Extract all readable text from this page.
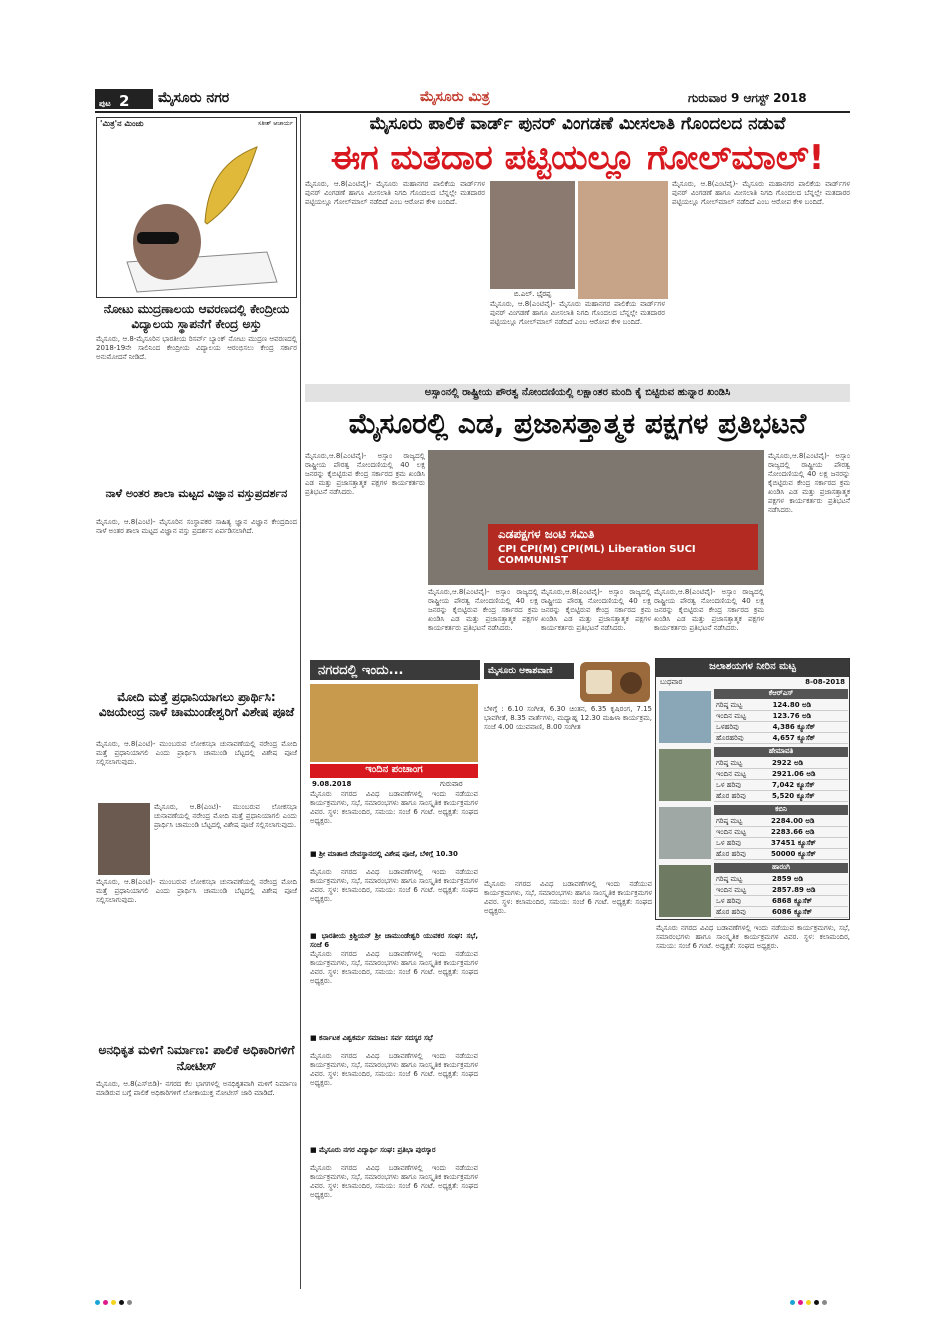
ಪುಟ 2	ಮೈಸೂರು ನಗರ	ಮೈಸೂರು ಮಿತ್ರ	ಗುರುವಾರ 9 ಆಗಸ್ಟ್ 2018
'ಮಿತ್ರ'ನ ಮಿಂಚು	ಸತೀಶ್ ಆಚಾರ್ಯ	ಮೈಸೂರು ಪಾಲಿಕೆ ವಾರ್ಡ್ ಪುನರ್ ವಿಂಗಡಣೆ ಮೀಸಲಾತಿ ಗೊಂದಲದ ನಡುವೆ
ಈಗ ಮತದಾರ ಪಟ್ಟಿಯಲ್ಲೂ ಗೋಲ್‌ಮಾಲ್!
ಮೈಸೂರು, ಆ.8(ಎಂಟಿವೈ)- ಮೈಸೂರು ಮಹಾನಗರ ಪಾಲಿಕೆಯ ವಾರ್ಡ್‌ಗಳ ಪುನರ್ ವಿಂಗಡಣೆ ಹಾಗೂ ಮೀಸಲಾತಿ ನಿಗದಿ ಗೊಂದಲದ ಬೆನ್ನಲ್ಲೇ ಮತದಾರರ ಪಟ್ಟಿಯಲ್ಲೂ ಗೋಲ್‌ಮಾಲ್ ನಡೆದಿದೆ ಎಂಬ ಆರೋಪ ಕೇಳಿ ಬಂದಿದೆ.
ಬಿ.ಎಲ್. ಭೈರಪ್ಪ
ಮೈಸೂರು, ಆ.8(ಎಂಟಿವೈ)- ಮೈಸೂರು ಮಹಾನಗರ ಪಾಲಿಕೆಯ ವಾರ್ಡ್‌ಗಳ ಪುನರ್ ವಿಂಗಡಣೆ ಹಾಗೂ ಮೀಸಲಾತಿ ನಿಗದಿ ಗೊಂದಲದ ಬೆನ್ನಲ್ಲೇ ಮತದಾರರ ಪಟ್ಟಿಯಲ್ಲೂ ಗೋಲ್‌ಮಾಲ್ ನಡೆದಿದೆ ಎಂಬ ಆರೋಪ ಕೇಳಿ ಬಂದಿದೆ.
ಮೈಸೂರು, ಆ.8(ಎಂಟಿವೈ)- ಮೈಸೂರು ಮಹಾನಗರ ಪಾಲಿಕೆಯ ವಾರ್ಡ್‌ಗಳ ಪುನರ್ ವಿಂಗಡಣೆ ಹಾಗೂ ಮೀಸಲಾತಿ ನಿಗದಿ ಗೊಂದಲದ ಬೆನ್ನಲ್ಲೇ ಮತದಾರರ ಪಟ್ಟಿಯಲ್ಲೂ ಗೋಲ್‌ಮಾಲ್ ನಡೆದಿದೆ ಎಂಬ ಆರೋಪ ಕೇಳಿ ಬಂದಿದೆ.
ಅಸ್ಸಾಂನಲ್ಲಿ ರಾಷ್ಟ್ರೀಯ ಪೌರತ್ವ ನೋಂದಣಿಯಲ್ಲಿ ಲಕ್ಷಾಂತರ ಮಂದಿ ಕೈ ಬಿಟ್ಟಿರುವ ಹುನ್ನಾರ ಖಂಡಿಸಿ
ಮೈಸೂರಲ್ಲಿ ಎಡ, ಪ್ರಜಾಸತ್ತಾತ್ಮಕ ಪಕ್ಷಗಳ ಪ್ರತಿಭಟನೆ
ಮೈಸೂರು,ಆ.8(ಎಂಟಿವೈ)- ಅಸ್ಸಾಂ ರಾಜ್ಯದಲ್ಲಿ ರಾಷ್ಟ್ರೀಯ ಪೌರತ್ವ ನೋಂದಣಿಯಲ್ಲಿ 40 ಲಕ್ಷ ಜನರನ್ನು ಕೈಬಿಟ್ಟಿರುವ ಕೇಂದ್ರ ಸರ್ಕಾರದ ಕ್ರಮ ಖಂಡಿಸಿ ಎಡ ಮತ್ತು ಪ್ರಜಾಸತ್ತಾತ್ಮಕ ಪಕ್ಷಗಳ ಕಾರ್ಯಕರ್ತರು ಪ್ರತಿಭಟನೆ ನಡೆಸಿದರು.
ಎಡಪಕ್ಷಗಳ ಜಂಟಿ ಸಮಿತಿ
CPI CPI(M) CPI(ML) Liberation SUCI COMMUNIST
ಮೈಸೂರು,ಆ.8(ಎಂಟಿವೈ)- ಅಸ್ಸಾಂ ರಾಜ್ಯದಲ್ಲಿ ರಾಷ್ಟ್ರೀಯ ಪೌರತ್ವ ನೋಂದಣಿಯಲ್ಲಿ 40 ಲಕ್ಷ ಜನರನ್ನು ಕೈಬಿಟ್ಟಿರುವ ಕೇಂದ್ರ ಸರ್ಕಾರದ ಕ್ರಮ ಖಂಡಿಸಿ ಎಡ ಮತ್ತು ಪ್ರಜಾಸತ್ತಾತ್ಮಕ ಪಕ್ಷಗಳ ಕಾರ್ಯಕರ್ತರು ಪ್ರತಿಭಟನೆ ನಡೆಸಿದರು.
ಮೈಸೂರು,ಆ.8(ಎಂಟಿವೈ)- ಅಸ್ಸಾಂ ರಾಜ್ಯದಲ್ಲಿ ರಾಷ್ಟ್ರೀಯ ಪೌರತ್ವ ನೋಂದಣಿಯಲ್ಲಿ 40 ಲಕ್ಷ ಜನರನ್ನು ಕೈಬಿಟ್ಟಿರುವ ಕೇಂದ್ರ ಸರ್ಕಾರದ ಕ್ರಮ ಖಂಡಿಸಿ ಎಡ ಮತ್ತು ಪ್ರಜಾಸತ್ತಾತ್ಮಕ ಪಕ್ಷಗಳ ಕಾರ್ಯಕರ್ತರು ಪ್ರತಿಭಟನೆ ನಡೆಸಿದರು.
ಮೈಸೂರು,ಆ.8(ಎಂಟಿವೈ)- ಅಸ್ಸಾಂ ರಾಜ್ಯದಲ್ಲಿ ರಾಷ್ಟ್ರೀಯ ಪೌರತ್ವ ನೋಂದಣಿಯಲ್ಲಿ 40 ಲಕ್ಷ ಜನರನ್ನು ಕೈಬಿಟ್ಟಿರುವ ಕೇಂದ್ರ ಸರ್ಕಾರದ ಕ್ರಮ ಖಂಡಿಸಿ ಎಡ ಮತ್ತು ಪ್ರಜಾಸತ್ತಾತ್ಮಕ ಪಕ್ಷಗಳ ಕಾರ್ಯಕರ್ತರು ಪ್ರತಿಭಟನೆ ನಡೆಸಿದರು.
ಮೈಸೂರು,ಆ.8(ಎಂಟಿವೈ)- ಅಸ್ಸಾಂ ರಾಜ್ಯದಲ್ಲಿ ರಾಷ್ಟ್ರೀಯ ಪೌರತ್ವ ನೋಂದಣಿಯಲ್ಲಿ 40 ಲಕ್ಷ ಜನರನ್ನು ಕೈಬಿಟ್ಟಿರುವ ಕೇಂದ್ರ ಸರ್ಕಾರದ ಕ್ರಮ ಖಂಡಿಸಿ ಎಡ ಮತ್ತು ಪ್ರಜಾಸತ್ತಾತ್ಮಕ ಪಕ್ಷಗಳ ಕಾರ್ಯಕರ್ತರು ಪ್ರತಿಭಟನೆ ನಡೆಸಿದರು.
ನೋಟು ಮುದ್ರಣಾಲಯ ಆವರಣದಲ್ಲಿ ಕೇಂದ್ರೀಯ ವಿದ್ಯಾಲಯ ಸ್ಥಾಪನೆಗೆ ಕೇಂದ್ರ ಅಸ್ತು
ಮೈಸೂರು, ಆ.8-ಮೈಸೂರಿನ ಭಾರತೀಯ ರಿಸರ್ವ್ ಬ್ಯಾಂಕ್ ನೋಟು ಮುದ್ರಣ ಆವರಣದಲ್ಲಿ 2018-19ನೇ ಸಾಲಿನಿಂದ ಕೇಂದ್ರೀಯ ವಿದ್ಯಾಲಯ ಆರಂಭಿಸಲು ಕೇಂದ್ರ ಸರ್ಕಾರ ಅನುಮೋದನೆ ನೀಡಿದೆ.
ನಾಳೆ ಅಂತರ ಶಾಲಾ ಮಟ್ಟದ ವಿಜ್ಞಾನ ವಸ್ತುಪ್ರದರ್ಶನ
ಮೈಸೂರು, ಆ.8(ಎಂಟಿ)- ಮೈಸೂರಿನ ಸಂಸ್ಥಾಪಕರ ಸಾಹಿತ್ಯ ಜ್ಞಾನ ವಿಜ್ಞಾನ ಕೇಂದ್ರದಿಂದ ನಾಳೆ ಅಂತರ ಶಾಲಾ ಮಟ್ಟದ ವಿಜ್ಞಾನ ವಸ್ತು ಪ್ರದರ್ಶನ ಏರ್ಪಡಿಸಲಾಗಿದೆ.
ಮೋದಿ ಮತ್ತೆ ಪ್ರಧಾನಿಯಾಗಲು ಪ್ರಾರ್ಥಿಸಿ: ವಿಜಯೇಂದ್ರ ನಾಳೆ ಚಾಮುಂಡೇಶ್ವರಿಗೆ ವಿಶೇಷ ಪೂಜೆ
ಮೈಸೂರು, ಆ.8(ಎಂಟಿ)- ಮುಂಬರುವ ಲೋಕಸಭಾ ಚುನಾವಣೆಯಲ್ಲಿ ನರೇಂದ್ರ ಮೋದಿ ಮತ್ತೆ ಪ್ರಧಾನಿಯಾಗಲಿ ಎಂದು ಪ್ರಾರ್ಥಿಸಿ ಚಾಮುಂಡಿ ಬೆಟ್ಟದಲ್ಲಿ ವಿಶೇಷ ಪೂಜೆ ಸಲ್ಲಿಸಲಾಗುವುದು.
ಮೈಸೂರು, ಆ.8(ಎಂಟಿ)- ಮುಂಬರುವ ಲೋಕಸಭಾ ಚುನಾವಣೆಯಲ್ಲಿ ನರೇಂದ್ರ ಮೋದಿ ಮತ್ತೆ ಪ್ರಧಾನಿಯಾಗಲಿ ಎಂದು ಪ್ರಾರ್ಥಿಸಿ ಚಾಮುಂಡಿ ಬೆಟ್ಟದಲ್ಲಿ ವಿಶೇಷ ಪೂಜೆ ಸಲ್ಲಿಸಲಾಗುವುದು.
ಮೈಸೂರು, ಆ.8(ಎಂಟಿ)- ಮುಂಬರುವ ಲೋಕಸಭಾ ಚುನಾವಣೆಯಲ್ಲಿ ನರೇಂದ್ರ ಮೋದಿ ಮತ್ತೆ ಪ್ರಧಾನಿಯಾಗಲಿ ಎಂದು ಪ್ರಾರ್ಥಿಸಿ ಚಾಮುಂಡಿ ಬೆಟ್ಟದಲ್ಲಿ ವಿಶೇಷ ಪೂಜೆ ಸಲ್ಲಿಸಲಾಗುವುದು.
ಅನಧಿಕೃತ ಮಳಿಗೆ ನಿರ್ಮಾಣ: ಪಾಲಿಕೆ ಅಧಿಕಾರಿಗಳಿಗೆ ನೋಟೀಸ್
ಮೈಸೂರು, ಆ.8(ಎಸ್‌ಬಿಡಿ)- ನಗರದ ಕೆಲ ಭಾಗಗಳಲ್ಲಿ ಅನಧಿಕೃತವಾಗಿ ಮಳಿಗೆ ನಿರ್ಮಾಣ ಮಾಡಿರುವ ಬಗ್ಗೆ ಪಾಲಿಕೆ ಅಧಿಕಾರಿಗಳಿಗೆ ಲೋಕಾಯುಕ್ತ ನೋಟೀಸ್ ಜಾರಿ ಮಾಡಿದೆ.
ನಗರದಲ್ಲಿ ಇಂದು...
ಇಂದಿನ ಪಂಚಾಂಗ
9.08.2018	ಗುರುವಾರ
ಮೈಸೂರು ನಗರದ ವಿವಿಧ ಬಡಾವಣೆಗಳಲ್ಲಿ ಇಂದು ನಡೆಯುವ ಕಾರ್ಯಕ್ರಮಗಳು, ಸಭೆ, ಸಮಾರಂಭಗಳು ಹಾಗೂ ಸಾಂಸ್ಕೃತಿಕ ಕಾರ್ಯಕ್ರಮಗಳ ವಿವರ. ಸ್ಥಳ: ಕಲಾಮಂದಿರ, ಸಮಯ: ಸಂಜೆ 6 ಗಂಟೆ. ಅಧ್ಯಕ್ಷತೆ: ಸಂಘದ ಅಧ್ಯಕ್ಷರು.
■ ಶ್ರೀ ಮಾತಾಜಿ ದೇವಸ್ಥಾನದಲ್ಲಿ ವಿಶೇಷ ಪೂಜೆ, ಬೆಳಿಗ್ಗೆ 10.30
ಮೈಸೂರು ನಗರದ ವಿವಿಧ ಬಡಾವಣೆಗಳಲ್ಲಿ ಇಂದು ನಡೆಯುವ ಕಾರ್ಯಕ್ರಮಗಳು, ಸಭೆ, ಸಮಾರಂಭಗಳು ಹಾಗೂ ಸಾಂಸ್ಕೃತಿಕ ಕಾರ್ಯಕ್ರಮಗಳ ವಿವರ. ಸ್ಥಳ: ಕಲಾಮಂದಿರ, ಸಮಯ: ಸಂಜೆ 6 ಗಂಟೆ. ಅಧ್ಯಕ್ಷತೆ: ಸಂಘದ ಅಧ್ಯಕ್ಷರು.
■ ಭಾರತೀಯ ಕ್ರಿಶ್ಚಿಯನ್ ಶ್ರೀ ಚಾಮುಂಡೇಶ್ವರಿ ಯುವಕರ ಸಂಘ: ಸಭೆ, ಸಂಜೆ 6
ಮೈಸೂರು ನಗರದ ವಿವಿಧ ಬಡಾವಣೆಗಳಲ್ಲಿ ಇಂದು ನಡೆಯುವ ಕಾರ್ಯಕ್ರಮಗಳು, ಸಭೆ, ಸಮಾರಂಭಗಳು ಹಾಗೂ ಸಾಂಸ್ಕೃತಿಕ ಕಾರ್ಯಕ್ರಮಗಳ ವಿವರ. ಸ್ಥಳ: ಕಲಾಮಂದಿರ, ಸಮಯ: ಸಂಜೆ 6 ಗಂಟೆ. ಅಧ್ಯಕ್ಷತೆ: ಸಂಘದ ಅಧ್ಯಕ್ಷರು.
■ ಕರ್ನಾಟಕ ವಿಶ್ವಕರ್ಮ ಸಮಾಜ: ಸರ್ವ ಸದಸ್ಯರ ಸಭೆ
ಮೈಸೂರು ನಗರದ ವಿವಿಧ ಬಡಾವಣೆಗಳಲ್ಲಿ ಇಂದು ನಡೆಯುವ ಕಾರ್ಯಕ್ರಮಗಳು, ಸಭೆ, ಸಮಾರಂಭಗಳು ಹಾಗೂ ಸಾಂಸ್ಕೃತಿಕ ಕಾರ್ಯಕ್ರಮಗಳ ವಿವರ. ಸ್ಥಳ: ಕಲಾಮಂದಿರ, ಸಮಯ: ಸಂಜೆ 6 ಗಂಟೆ. ಅಧ್ಯಕ್ಷತೆ: ಸಂಘದ ಅಧ್ಯಕ್ಷರು.
■ ಮೈಸೂರು ನಗರ ವಿದ್ಯಾರ್ಥಿ ಸಂಘ: ಪ್ರತಿಭಾ ಪುರಸ್ಕಾರ
ಮೈಸೂರು ನಗರದ ವಿವಿಧ ಬಡಾವಣೆಗಳಲ್ಲಿ ಇಂದು ನಡೆಯುವ ಕಾರ್ಯಕ್ರಮಗಳು, ಸಭೆ, ಸಮಾರಂಭಗಳು ಹಾಗೂ ಸಾಂಸ್ಕೃತಿಕ ಕಾರ್ಯಕ್ರಮಗಳ ವಿವರ. ಸ್ಥಳ: ಕಲಾಮಂದಿರ, ಸಮಯ: ಸಂಜೆ 6 ಗಂಟೆ. ಅಧ್ಯಕ್ಷತೆ: ಸಂಘದ ಅಧ್ಯಕ್ಷರು.
ಮೈಸೂರು ಆಕಾಶವಾಣಿ
ಬೆಳಿಗ್ಗೆ : 6.10 ಸಂಗೀತ, 6.30 ಚಿಂತನ, 6.35 ಕೃಷಿರಂಗ, 7.15 ಭಾವಗೀತೆ, 8.35 ವಾರ್ತೆಗಳು, ಮಧ್ಯಾಹ್ನ 12.30 ಮಹಿಳಾ ಕಾರ್ಯಕ್ರಮ, ಸಂಜೆ 4.00 ಯುವವಾಣಿ, 8.00 ಸಂಗೀತ
ಮೈಸೂರು ನಗರದ ವಿವಿಧ ಬಡಾವಣೆಗಳಲ್ಲಿ ಇಂದು ನಡೆಯುವ ಕಾರ್ಯಕ್ರಮಗಳು, ಸಭೆ, ಸಮಾರಂಭಗಳು ಹಾಗೂ ಸಾಂಸ್ಕೃತಿಕ ಕಾರ್ಯಕ್ರಮಗಳ ವಿವರ. ಸ್ಥಳ: ಕಲಾಮಂದಿರ, ಸಮಯ: ಸಂಜೆ 6 ಗಂಟೆ. ಅಧ್ಯಕ್ಷತೆ: ಸಂಘದ ಅಧ್ಯಕ್ಷರು.
ಜಲಾಶಯಗಳ ನೀರಿನ ಮಟ್ಟ
ಬುಧವಾರ	8-08-2018
ಕೆಆರ್‌ಎಸ್
ಗರಿಷ್ಠ ಮಟ್ಟ	124.80 ಅಡಿ
ಇಂದಿನ ಮಟ್ಟ	123.76 ಅಡಿ
ಒಳಹರಿವು	4,386 ಕ್ಯೂಸೆಕ್
ಹೊರಹರಿವು	4,657 ಕ್ಯೂಸೆಕ್
ಹೇಮಾವತಿ
ಗರಿಷ್ಠ ಮಟ್ಟ	2922 ಅಡಿ
ಇಂದಿನ ಮಟ್ಟ	2921.06 ಅಡಿ
ಒಳ ಹರಿವು	7,042 ಕ್ಯೂಸೆಕ್
ಹೊರ ಹರಿವು	5,520 ಕ್ಯೂಸೆಕ್
ಕಬಿನಿ
ಗರಿಷ್ಠ ಮಟ್ಟ	2284.00 ಅಡಿ
ಇಂದಿನ ಮಟ್ಟ	2283.66 ಅಡಿ
ಒಳ ಹರಿವು	37451 ಕ್ಯೂಸೆಕ್
ಹೊರ ಹರಿವು	50000 ಕ್ಯೂಸೆಕ್
ಹಾರಂಗಿ
ಗರಿಷ್ಠ ಮಟ್ಟ	2859 ಅಡಿ
ಇಂದಿನ ಮಟ್ಟ	2857.89 ಅಡಿ
ಒಳ ಹರಿವು	6868 ಕ್ಯೂಸೆಕ್
ಹೊರ ಹರಿವು	6086 ಕ್ಯೂಸೆಕ್
ಮೈಸೂರು ನಗರದ ವಿವಿಧ ಬಡಾವಣೆಗಳಲ್ಲಿ ಇಂದು ನಡೆಯುವ ಕಾರ್ಯಕ್ರಮಗಳು, ಸಭೆ, ಸಮಾರಂಭಗಳು ಹಾಗೂ ಸಾಂಸ್ಕೃತಿಕ ಕಾರ್ಯಕ್ರಮಗಳ ವಿವರ. ಸ್ಥಳ: ಕಲಾಮಂದಿರ, ಸಮಯ: ಸಂಜೆ 6 ಗಂಟೆ. ಅಧ್ಯಕ್ಷತೆ: ಸಂಘದ ಅಧ್ಯಕ್ಷರು.
